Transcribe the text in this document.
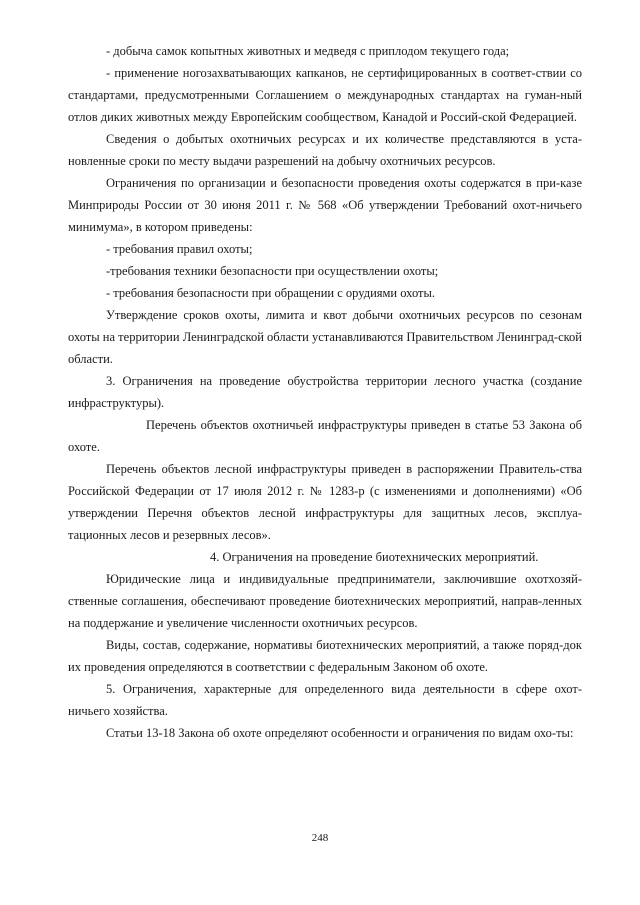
- добыча самок копытных животных и медведя с приплодом текущего года;

- применение ногозахватывающих капканов, не сертифицированных в соответ-ствии со стандартами, предусмотренными Соглашением о международных стандартах на гуман-ный отлов диких животных между Европейским сообществом, Канадой и Россий-ской Федерацией.

Сведения о добытых охотничьих ресурсах и их количестве представляются в уста-новленные сроки по месту выдачи разрешений на добычу охотничьих ресурсов.

Ограничения по организации и безопасности проведения охоты содержатся в при-казе Минприроды России от 30 июня 2011 г. № 568 «Об утверждении Требований охот-ничьего минимума», в котором приведены:

- требования правил охоты;

-требования техники безопасности при осуществлении охоты;

- требования безопасности при обращении с орудиями охоты.

Утверждение сроков охоты, лимита и квот добычи охотничьих ресурсов по сезонам охоты на территории Ленинградской области устанавливаются Правительством Ленинград-ской области.

3. Ограничения на проведение обустройства территории лесного участка (создание инфраструктуры).

Перечень объектов охотничьей инфраструктуры приведен в статье 53 Закона об охоте.

Перечень объектов лесной инфраструктуры приведен в распоряжении Правитель-ства Российской Федерации от 17 июля 2012 г. № 1283-р (с изменениями и дополнениями) «Об утверждении Перечня объектов лесной инфраструктуры для защитных лесов, эксплуа-тационных лесов и резервных лесов».

4. Ограничения на проведение биотехнических мероприятий.

Юридические лица и индивидуальные предприниматели, заключившие охотхозяй-ственные соглашения, обеспечивают проведение биотехнических мероприятий, направ-ленных на поддержание и увеличение численности охотничьих ресурсов.

Виды, состав, содержание, нормативы биотехнических мероприятий, а также поряд-док их проведения определяются в соответствии с федеральным Законом об охоте.

5. Ограничения, характерные для определенного вида деятельности в сфере охот-ничьего хозяйства.

Статьи 13-18 Закона об охоте определяют особенности и ограничения по видам охо-ты:

248
